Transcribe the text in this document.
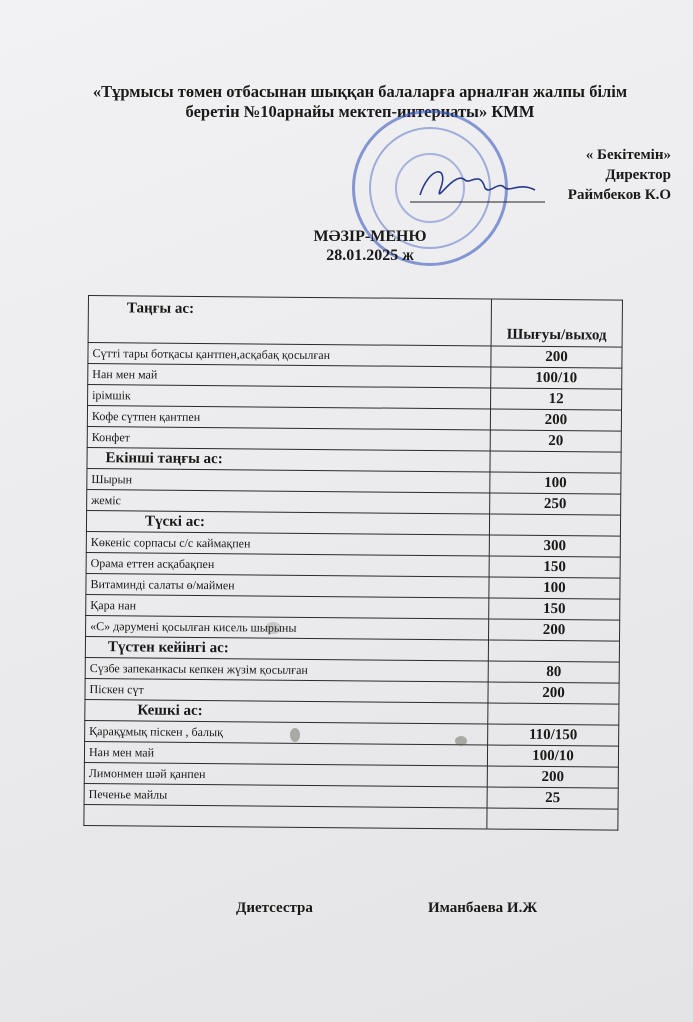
«Тұрмысы төмен отбасынан шыққан балаларға арналған жалпы білім
беретін №10арнайы мектеп-интернаты» КММ
« Бекітемін»
Директор
Раймбеков К.О
МӘЗІР-МЕНЮ
28.01.2025 ж
Таңғы ас:	Шығуы/выход
Сүтті тары ботқасы қантпен,асқабақ қосылған	200
Нан мен май	100/10
ірімшік	12
Кофе сүтпен қантпен	200
Конфет	20
Екінші таңғы ас:	
Шырын	100
жеміс	250
Түскі ас:	
Көкеніс сорпасы с/с каймақпен	300
Орама еттен асқабақпен	150
Витаминді салаты ө/маймен	100
Қара нан	150
«С» дәрумені қосылған кисель шырыны	200
Түстен кейінгі ас:	
Сүзбе запеканкасы кепкен жүзім қосылған	80
Піскен сүт	200
Кешкі ас:	
Қарақұмық піскен , балық	110/150
Нан мен май	100/10
Лимонмен шәй қанпен	200
Печенье майлы	25

Диетсестра	Иманбаева И.Ж
